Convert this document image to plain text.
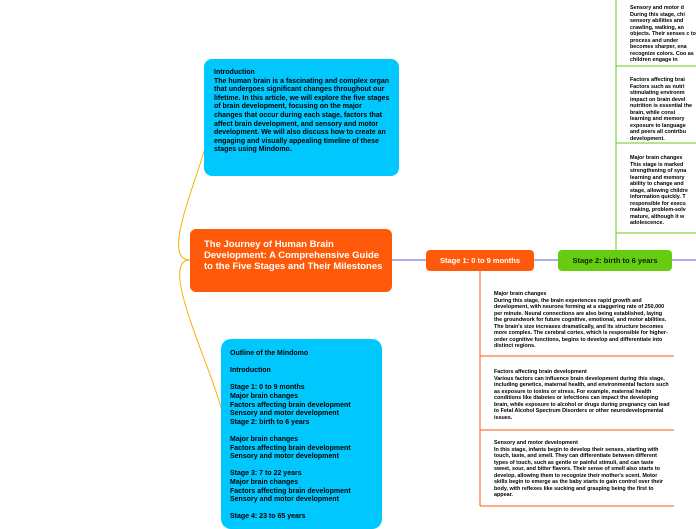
The Journey of Human Brain Development: A Comprehensive Guide to the Five Stages and Their Milestones
Introduction
The human brain is a fascinating and complex organ that undergoes significant changes throughout our lifetime. In this article, we will explore the five stages of brain development, focusing on the major changes that occur during each stage, factors that affect brain development, and sensory and motor development. We will also discuss how to create an engaging and visually appealing timeline of these stages using Mindomo.
Outline of the Mindomo
Introduction
Stage 1: 0 to 9 months
Major brain changes
Factors affecting brain development
Sensory and motor development
Stage 2: birth to 6 years
Major brain changes
Factors affecting brain development
Sensory and motor development
Stage 3: 7 to 22 years
Major brain changes
Factors affecting brain development
Sensory and motor development
Stage 4: 23 to 65 years
Stage 1: 0 to 9 months	Stage 2: birth to 6 years
Major brain changes
During this stage, the brain experiences rapid growth and development, with neurons forming at a staggering rate of 250,000 per minute. Neural connections are also being established, laying the groundwork for future cognitive, emotional, and motor abilities. The brain's size increases dramatically, and its structure becomes more complex. The cerebral cortex, which is responsible for higher-order cognitive functions, begins to develop and differentiate into distinct regions.
Factors affecting brain development
Various factors can influence brain development during this stage, including genetics, maternal health, and environmental factors such as exposure to toxins or stress. For example, maternal health conditions like diabetes or infections can impact the developing brain, while exposure to alcohol or drugs during pregnancy can lead to Fetal Alcohol Spectrum Disorders or other neurodevelopmental issues.
Sensory and motor development
In this stage, infants begin to develop their senses, starting with touch, taste, and smell. They can differentiate between different types of touch, such as gentle or painful stimuli, and can taste sweet, sour, and bitter flavors. Their sense of smell also starts to develop, allowing them to recognize their mother's scent. Motor skills begin to emerge as the baby starts to gain control over their body, with reflexes like sucking and grasping being the first to appear.
Sensory and motor d
During this stage, chi sensory abilities and crawling, walking, an objects. Their senses c to process and under becomes sharper, ena recognize colors. Coo as children engage in
Factors affecting brai
Factors such as nutri stimulating environm impact on brain devel nutrition is essential the brain, while consi learning and memory exposure to language and peers all contribu development.
Major brain changes
This stage is marked strengthening of syna learning and memory ability to change and stage, allowing childre information quickly. T responsible for execu making, problem-solv mature, although it w adolescence.
